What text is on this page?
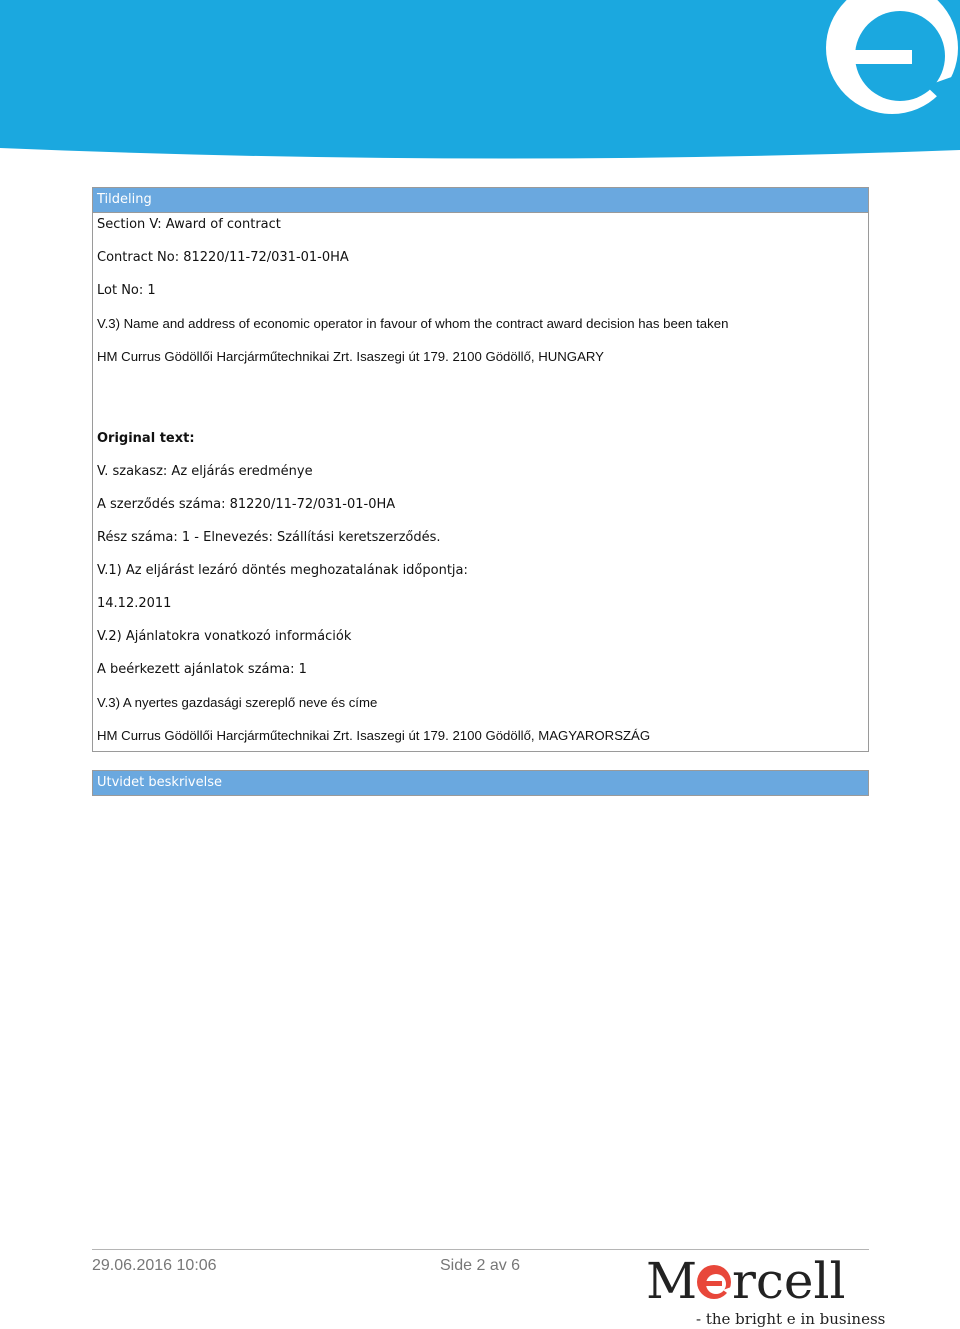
Tildeling
Section V: Award of contract
Contract No: 81220/11-72/031-01-0HA
Lot No: 1
V.3) Name and address of economic operator in favour of whom the contract award decision has been taken
HM Currus Gödöllői Harcjárműtechnikai Zrt. Isaszegi út 179. 2100 Gödöllő, HUNGARY
Original text:
V. szakasz: Az eljárás eredménye
A szerződés száma: 81220/11-72/031-01-0HA
Rész száma: 1 - Elnevezés: Szállítási keretszerződés.
V.1) Az eljárást lezáró döntés meghozatalának időpontja:
14.12.2011
V.2) Ajánlatokra vonatkozó információk
A beérkezett ajánlatok száma: 1
V.3) A nyertes gazdasági szereplő neve és címe
HM Currus Gödöllői Harcjárműtechnikai Zrt. Isaszegi út 179. 2100 Gödöllő, MAGYARORSZÁG
Utvidet beskrivelse
29.06.2016 10:06	Side 2 av 6	M rcell
- the bright e in business
